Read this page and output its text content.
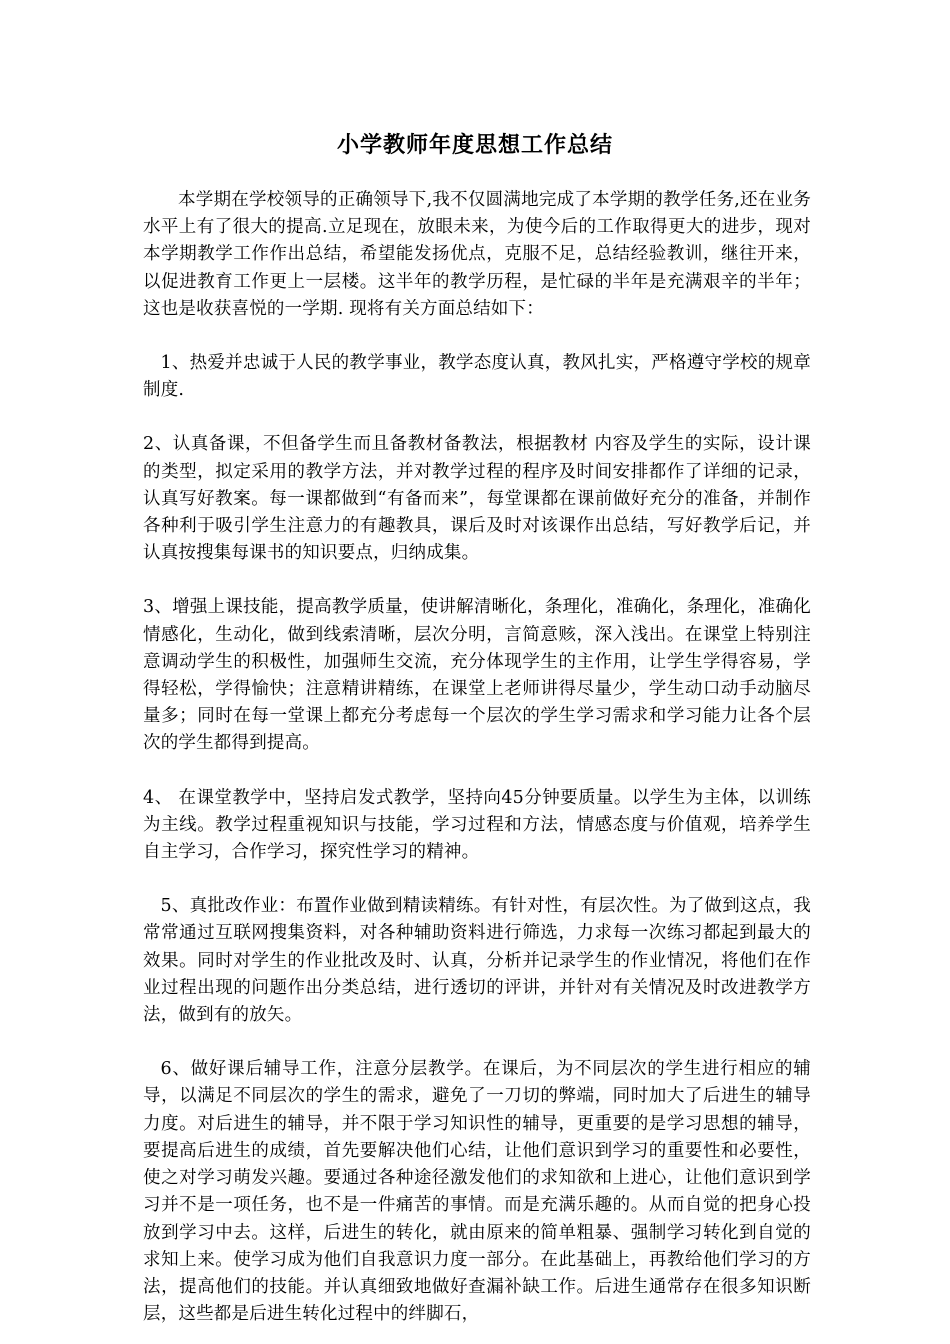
小学教师年度思想工作总结

本学期在学校领导的正确领导下,我不仅圆满地完成了本学期的教学任务,还在业务水平上有了很大的提高.立足现在，放眼未来，为使今后的工作取得更大的进步，现对本学期教学工作作出总结，希望能发扬优点，克服不足，总结经验教训，继往开来，以促进教育工作更上一层楼。这半年的教学历程，是忙碌的半年是充满艰辛的半年；这也是收获喜悦的一学期. 现将有关方面总结如下：

1、热爱并忠诚于人民的教学事业，教学态度认真，教风扎实，严格遵守学校的规章制度.

2、认真备课，不但备学生而且备教材备教法，根据教材 内容及学生的实际，设计课的类型，拟定采用的教学方法，并对教学过程的程序及时间安排都作了详细的记录，认真写好教案。每一课都做到“有备而来”，每堂课都在课前做好充分的准备，并制作各种利于吸引学生注意力的有趣教具，课后及时对该课作出总结，写好教学后记，并认真按搜集每课书的知识要点，归纳成集。

3、增强上课技能，提高教学质量，使讲解清晰化，条理化，准确化，条理化，准确化情感化，生动化，做到线索清晰，层次分明，言简意赅，深入浅出。在课堂上特别注意调动学生的积极性，加强师生交流，充分体现学生的主作用，让学生学得容易，学得轻松，学得愉快；注意精讲精练，在课堂上老师讲得尽量少，学生动口动手动脑尽量多；同时在每一堂课上都充分考虑每一个层次的学生学习需求和学习能力让各个层次的学生都得到提高。

4、 在课堂教学中，坚持启发式教学，坚持向45分钟要质量。以学生为主体，以训练为主线。教学过程重视知识与技能，学习过程和方法，情感态度与价值观，培养学生自主学习，合作学习，探究性学习的精神。

5、真批改作业：布置作业做到精读精练。有针对性，有层次性。为了做到这点，我常常通过互联网搜集资料，对各种辅助资料进行筛选，力求每一次练习都起到最大的效果。同时对学生的作业批改及时、认真，分析并记录学生的作业情况，将他们在作业过程出现的问题作出分类总结，进行透切的评讲，并针对有关情况及时改进教学方法，做到有的放矢。

6、做好课后辅导工作，注意分层教学。在课后，为不同层次的学生进行相应的辅导，以满足不同层次的学生的需求，避免了一刀切的弊端，同时加大了后进生的辅导力度。对后进生的辅导，并不限于学习知识性的辅导，更重要的是学习思想的辅导，要提高后进生的成绩，首先要解决他们心结，让他们意识到学习的重要性和必要性，使之对学习萌发兴趣。要通过各种途径激发他们的求知欲和上进心，让他们意识到学习并不是一项任务，也不是一件痛苦的事情。而是充满乐趣的。从而自觉的把身心投放到学习中去。这样，后进生的转化，就由原来的简单粗暴、强制学习转化到自觉的求知上来。使学习成为他们自我意识力度一部分。在此基础上，再教给他们学习的方法，提高他们的技能。并认真细致地做好查漏补缺工作。后进生通常存在很多知识断层，这些都是后进生转化过程中的绊脚石，
